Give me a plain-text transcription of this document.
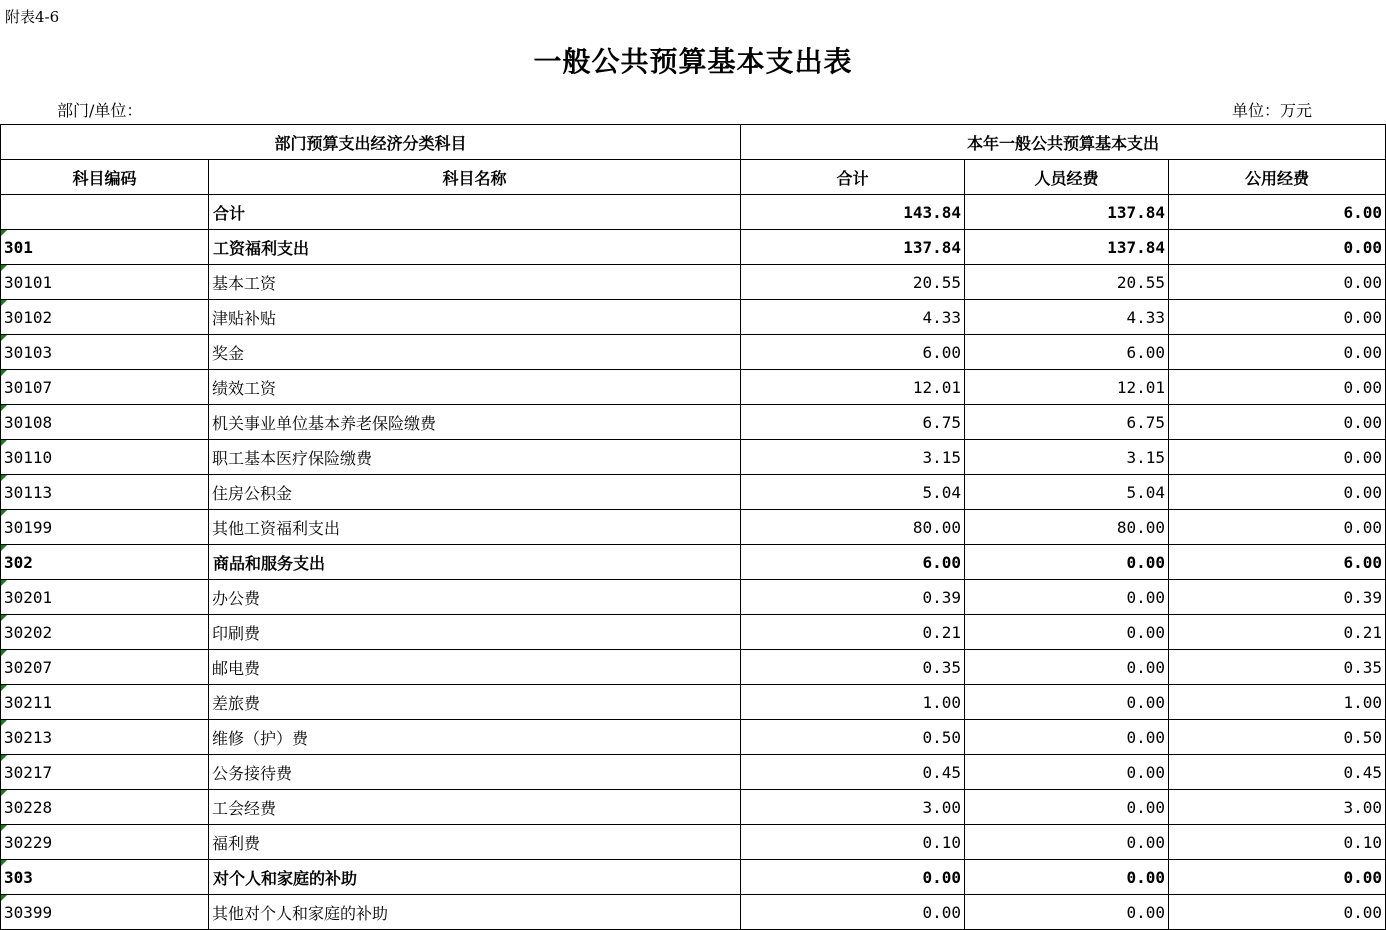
附表4-6
一般公共预算基本支出表
部门/单位：	单位：万元
部门预算支出经济分类科目		本年一般公共预算基本支出		
科目编码	科目名称	合计	人员经费	公用经费
	合计	143.84	137.84	6.00
301	工资福利支出	137.84	137.84	0.00
30101	基本工资	20.55	20.55	0.00
30102	津贴补贴	4.33	4.33	0.00
30103	奖金	6.00	6.00	0.00
30107	绩效工资	12.01	12.01	0.00
30108	机关事业单位基本养老保险缴费	6.75	6.75	0.00
30110	职工基本医疗保险缴费	3.15	3.15	0.00
30113	住房公积金	5.04	5.04	0.00
30199	其他工资福利支出	80.00	80.00	0.00
302	商品和服务支出	6.00	0.00	6.00
30201	办公费	0.39	0.00	0.39
30202	印刷费	0.21	0.00	0.21
30207	邮电费	0.35	0.00	0.35
30211	差旅费	1.00	0.00	1.00
30213	维修（护）费	0.50	0.00	0.50
30217	公务接待费	0.45	0.00	0.45
30228	工会经费	3.00	0.00	3.00
30229	福利费	0.10	0.00	0.10
303	对个人和家庭的补助	0.00	0.00	0.00
30399	其他对个人和家庭的补助	0.00	0.00	0.00
